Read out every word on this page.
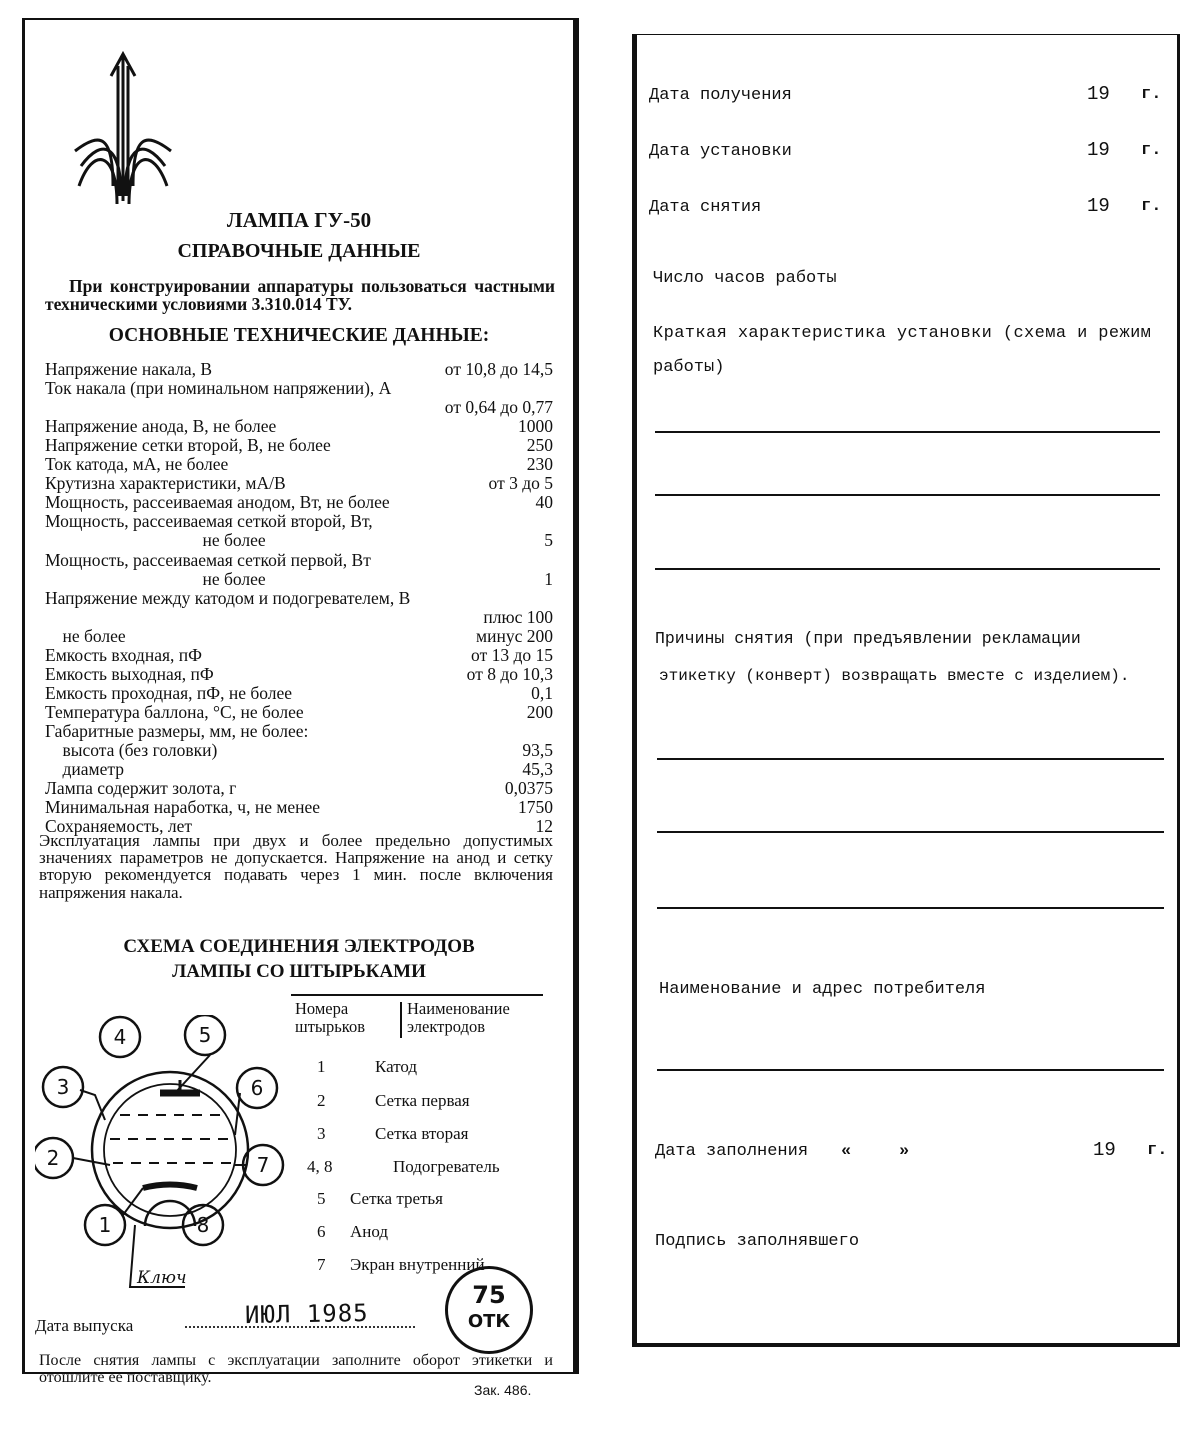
ЛАМПА ГУ-50
СПРАВОЧНЫЕ ДАННЫЕ
При конструировании аппаратуры пользоваться частными техническими условиями 3.310.014 ТУ.
ОСНОВНЫЕ ТЕХНИЧЕСКИЕ ДАННЫЕ:
Напряжение накала, В	от 10,8 до 14,5
Ток накала (при номинальном напряжении), А
от 0,64 до 0,77
Напряжение анода, В, не более	1000
Напряжение сетки второй, В, не более	250
Ток катода, мА, не более	230
Крутизна характеристики, мА/В	от 3 до 5
Мощность, рассеиваемая анодом, Вт, не более	40
Мощность, рассеиваемая сеткой второй, Вт,
не более	5
Мощность, рассеиваемая сеткой первой, Вт
не более	1
Напряжение между катодом и подогревателем, В
плюс 100
не более	минус 200
Емкость входная, пФ	от 13 до 15
Емкость выходная, пФ	от 8 до 10,3
Емкость проходная, пФ, не более	0,1
Температура баллона, °С, не более	200
Габаритные размеры, мм, не более:
высота (без головки)	93,5
диаметр	45,3
Лампа содержит золота, г	0,0375
Минимальная наработка, ч, не менее	1750
Сохраняемость, лет	12
Эксплуатация лампы при двух и более предельно допустимых значениях параметров не допускается. Напряжение на анод и сетку вторую рекомендуется подавать через 1 мин. после включения напряжения накала.
СХЕМА СОЕДИНЕНИЯ ЭЛЕКТРОДОВ
ЛАМПЫ СО ШТЫРЬКАМИ
Номера
штырьков
Наименование
электродов
1	Катод
2	Сетка первая
3	Сетка вторая
4, 8	Подогреватель
5 Сетка третья
6 Анод
7 Экран внутренний
4	5
3	6
2	7
1	8
Ключ
Дата выпуска	ИЮЛ 1985
75
ОТК
После снятия лампы с эксплуатации заполните оборот этикетки и отошлите ее поставщику.
Зак. 486.
Дата получения	19 г.
Дата установки	19 г.
Дата снятия	19 г.
Число часов работы
Краткая характеристика установки (схема и режим
работы)
Причины снятия (при предъявлении рекламации
этикетку (конверт) возвращать вместе с изделием).
Наименование и адрес потребителя
Дата заполнения «	»	19 г.
Подпись заполнявшего
